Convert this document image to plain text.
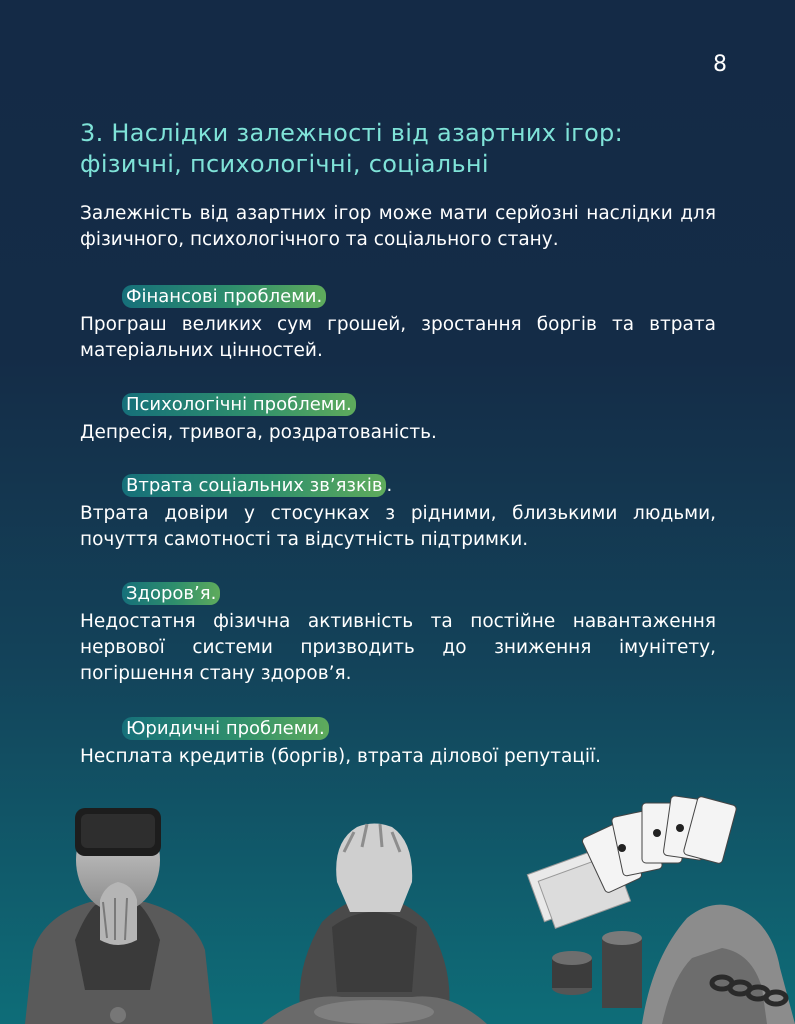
8
3. Наслідки залежності від азартних ігор: фізичні, психологічні, соціальні

Залежність від азартних ігор може мати серйозні наслідки для фізичного, психологічного та соціального стану.

Фінансові проблеми.

Програш великих сум грошей, зростання боргів та втрата матеріальних цінностей.

Психологічні проблеми.

Депресія, тривога, роздратованість.

Втрата соціальних зв’язків .

Втрата довіри у стосунках з рідними, близькими людьми, почуття самотності та відсутність підтримки.

Здоров’я.

Недостатня фізична активність та постійне навантаження нервової системи призводить до зниження імунітету, погіршення стану здоров’я.

Юридичні проблеми.

Несплата кредитів (боргів), втрата ділової репутації.
